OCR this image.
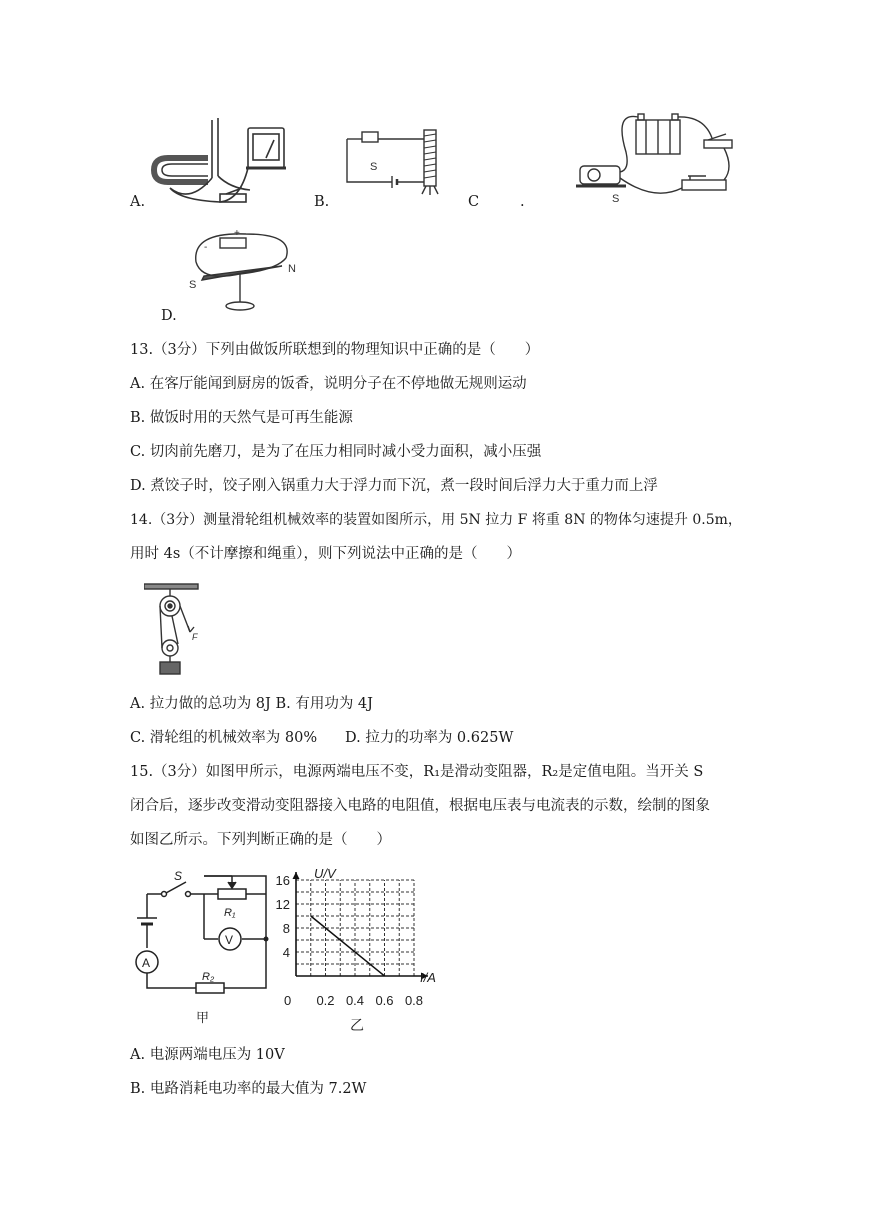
A.
S
B.	C	.	S
+
-
S
N
D.
13.（3分）下列由做饭所联想到的物理知识中正确的是（　　）
A. 在客厅能闻到厨房的饭香，说明分子在不停地做无规则运动
B. 做饭时用的天然气是可再生能源
C. 切肉前先磨刀，是为了在压力相同时减小受力面积，减小压强
D. 煮饺子时，饺子刚入锅重力大于浮力而下沉，煮一段时间后浮力大于重力而上浮
14.（3分）测量滑轮组机械效率的装置如图所示，用 5N 拉力 F 将重 8N 的物体匀速提升 0.5m，
用时 4s（不计摩擦和绳重），则下列说法中正确的是（　　）
F
A. 拉力做的总功为 8J B. 有用功为 4J
C. 滑轮组的机械效率为 80% D. 拉力的功率为 0.625W
15.（3分）如图甲所示，电源两端电压不变，R₁是滑动变阻器，R₂是定值电阻。当开关 S
闭合后，逐步改变滑动变阻器接入电路的电阻值，根据电压表与电流表的示数，绘制的图象
如图乙所示。下列判断正确的是（　　）
S
R₁
R₂
V
A
甲
0.2 0.4 0.6 0.8
4
8
12
16 U/V
I/A
0
乙
A. 电源两端电压为 10V
B. 电路消耗电功率的最大值为 7.2W
